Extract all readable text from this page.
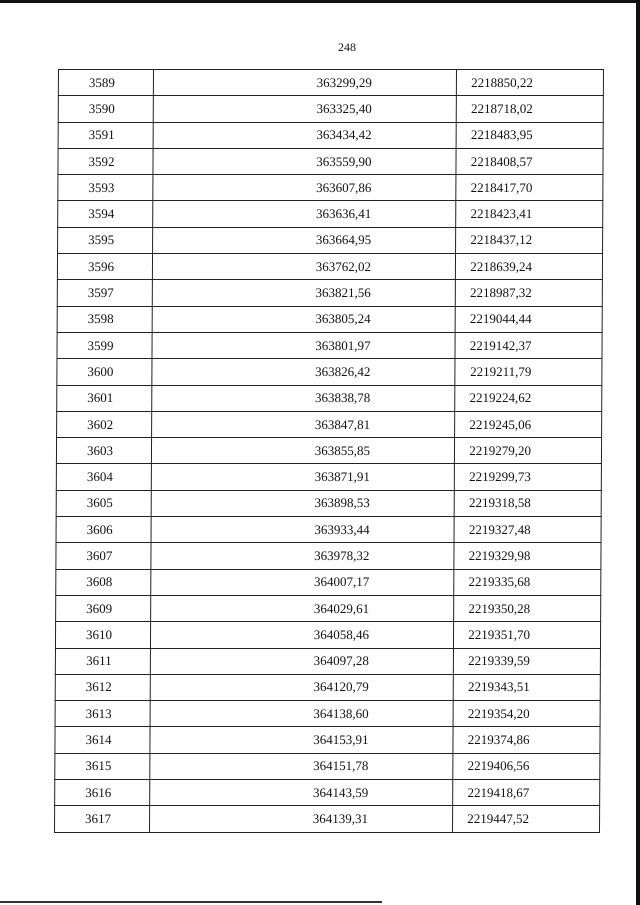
248
3589	363299,29	2218850,22
3590	363325,40	2218718,02
3591	363434,42	2218483,95
3592	363559,90	2218408,57
3593	363607,86	2218417,70
3594	363636,41	2218423,41
3595	363664,95	2218437,12
3596	363762,02	2218639,24
3597	363821,56	2218987,32
3598	363805,24	2219044,44
3599	363801,97	2219142,37
3600	363826,42	2219211,79
3601	363838,78	2219224,62
3602	363847,81	2219245,06
3603	363855,85	2219279,20
3604	363871,91	2219299,73
3605	363898,53	2219318,58
3606	363933,44	2219327,48
3607	363978,32	2219329,98
3608	364007,17	2219335,68
3609	364029,61	2219350,28
3610	364058,46	2219351,70
3611	364097,28	2219339,59
3612	364120,79	2219343,51
3613	364138,60	2219354,20
3614	364153,91	2219374,86
3615	364151,78	2219406,56
3616	364143,59	2219418,67
3617	364139,31	2219447,52
